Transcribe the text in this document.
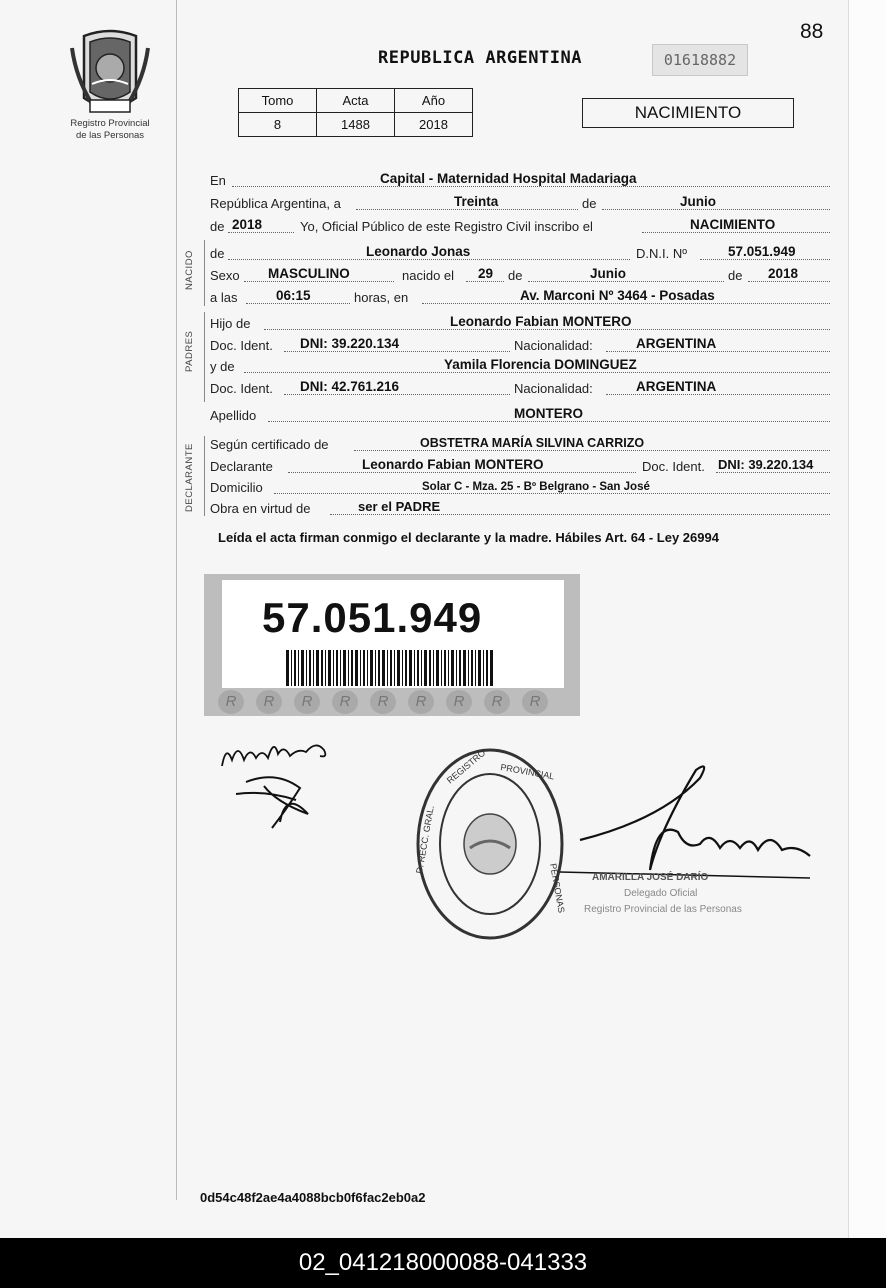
Registro Provincial
de las Personas
88
REPUBLICA ARGENTINA	01618882
Tomo	Acta	Año
8	1488	2018
NACIMIENTO
En	Capital - Maternidad Hospital Madariaga
República Argentina, a	Treinta	de	Junio
de 2018	Yo, Oficial Público de este Registro Civil inscribo el	NACIMIENTO
NACIDO de	Leonardo Jonas	D.N.I. Nº	57.051.949
Sexo MASCULINO	nacido el 29 de	Junio	de 2018
a las	06:15	horas, en	Av. Marconi Nº 3464 - Posadas
PADRES
Hijo de	Leonardo Fabian MONTERO
Doc. Ident. DNI: 39.220.134	Nacionalidad:	ARGENTINA
y de	Yamila Florencia DOMINGUEZ
Doc. Ident. DNI: 42.761.216	Nacionalidad:	ARGENTINA
Apellido	MONTERO
DECLARANTE Según certificado de	OBSTETRA MARÍA SILVINA CARRIZO
Declarante	Leonardo Fabian MONTERO	Doc. Ident. DNI: 39.220.134
Domicilio	Solar C - Mza. 25 - Bº Belgrano - San José
Obra en virtud de	ser el PADRE
Leída el acta firman conmigo el declarante y la madre. Hábiles Art. 64 - Ley 26994
57.051.949
R	R	R	R	R	R	R	R	R
REGISTRO PROVINCIAL
D. RECC. GRAL.
PERSONAS	AMARILLA JOSÉ DARÍO
Delegado Oficial
Registro Provincial de las Personas
0d54c48f2ae4a4088bcb0f6fac2eb0a2
02_041218000088-041333
